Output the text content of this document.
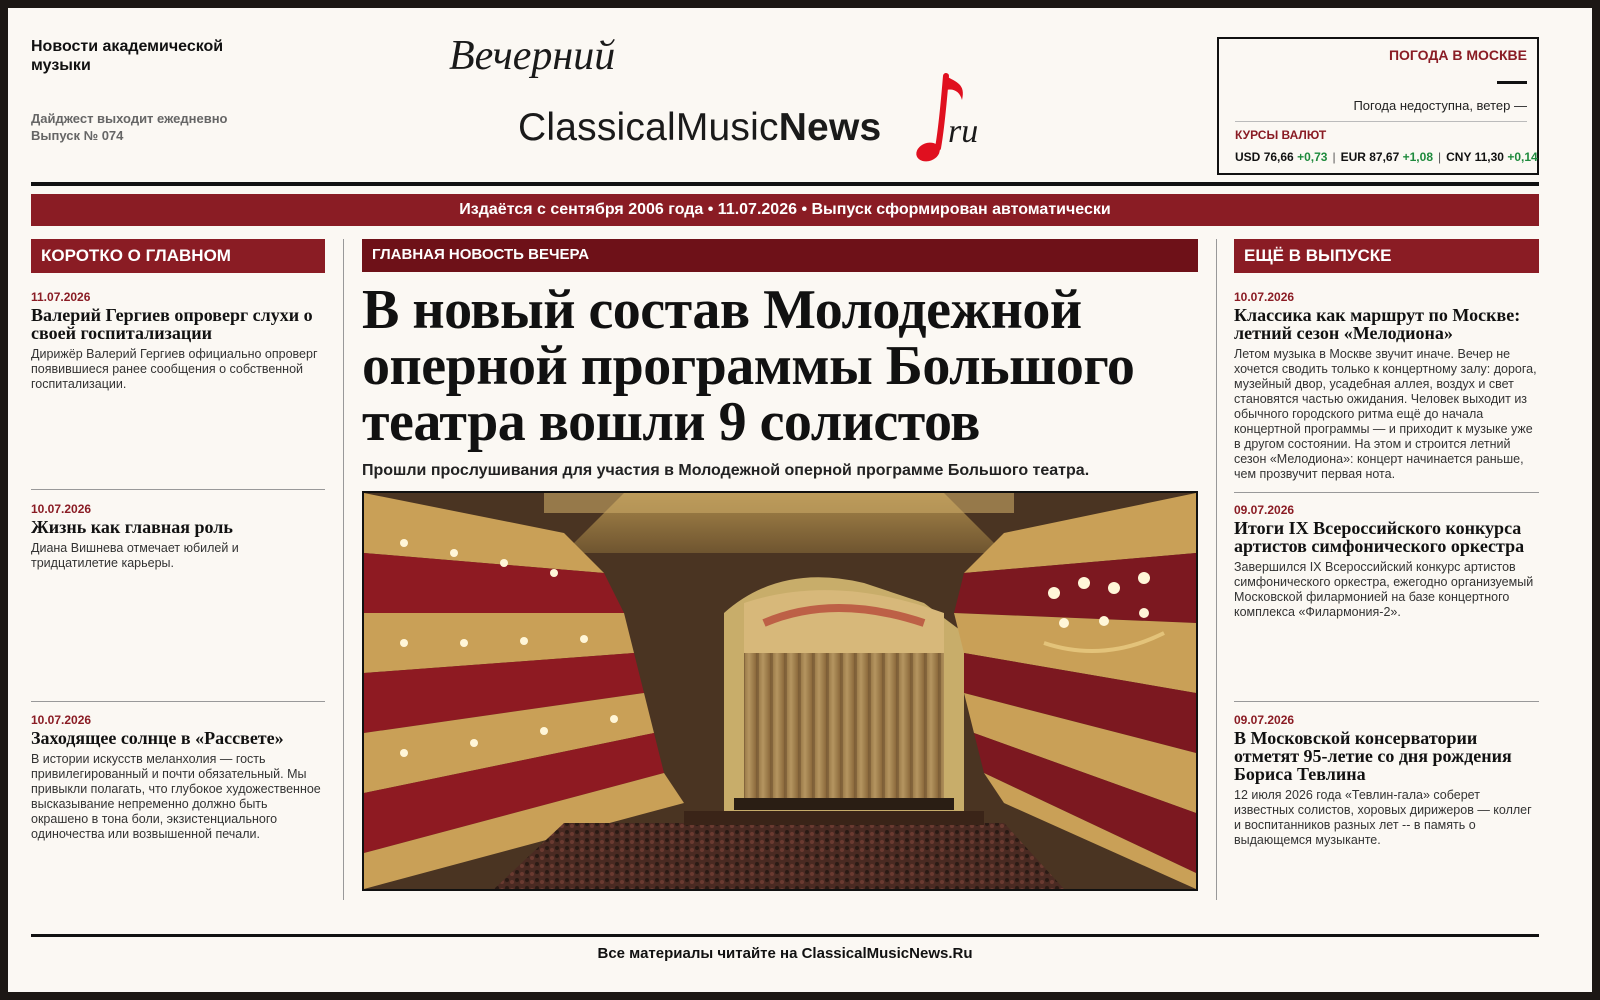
Новости академической музыки
Дайджест выходит ежедневно
Выпуск № 074
Вечерний
ClassicalMusicNews ru
ПОГОДА В МОСКВЕ
Погода недоступна, ветер —
КУРСЫ ВАЛЮТ
USD 76,66 +0,73 | EUR 87,67 +1,08 | CNY 11,30 +0,14
Издаётся с сентября 2006 года • 11.07.2026 • Выпуск сформирован автоматически
КОРОТКО О ГЛАВНОМ
11.07.2026
Валерий Гергиев опроверг слухи о своей госпитализации
Дирижёр Валерий Гергиев официально опроверг появившиеся ранее сообщения о собственной госпитализации.
10.07.2026
Жизнь как главная роль
Диана Вишнева отмечает юбилей и тридцатилетие карьеры.
10.07.2026
Заходящее солнце в «Рассвете»
В истории искусств меланхолия — гость привилегированный и почти обязательный. Мы привыкли полагать, что глубокое художественное высказывание непременно должно быть окрашено в тона боли, экзистенциального одиночества или возвышенной печали.
ГЛАВНАЯ НОВОСТЬ ВЕЧЕРА
В новый состав Молодежной оперной программы Большого театра вошли 9 солистов
Прошли прослушивания для участия в Молодежной оперной программе Большого театра.
ЕЩЁ В ВЫПУСКЕ
10.07.2026
Классика как маршрут по Москве: летний сезон «Мелодиона»
Летом музыка в Москве звучит иначе. Вечер не хочется сводить только к концертному залу: дорога, музейный двор, усадебная аллея, воздух и свет становятся частью ожидания. Человек выходит из обычного городского ритма ещё до начала концертной программы — и приходит к музыке уже в другом состоянии. На этом и строится летний сезон «Мелодиона»: концерт начинается раньше, чем прозвучит первая нота.
09.07.2026
Итоги IX Всероссийского конкурса артистов симфонического оркестра
Завершился IX Всероссийский конкурс артистов симфонического оркестра, ежегодно организуемый Московской филармонией на базе концертного комплекса «Филармония-2».
09.07.2026
В Московской консерватории отметят 95-летие со дня рождения Бориса Тевлина
12 июля 2026 года «Тевлин-гала» соберет известных солистов, хоровых дирижеров — коллег и воспитанников разных лет -- в память о выдающемся музыканте.
Все материалы читайте на ClassicalMusicNews.Ru
